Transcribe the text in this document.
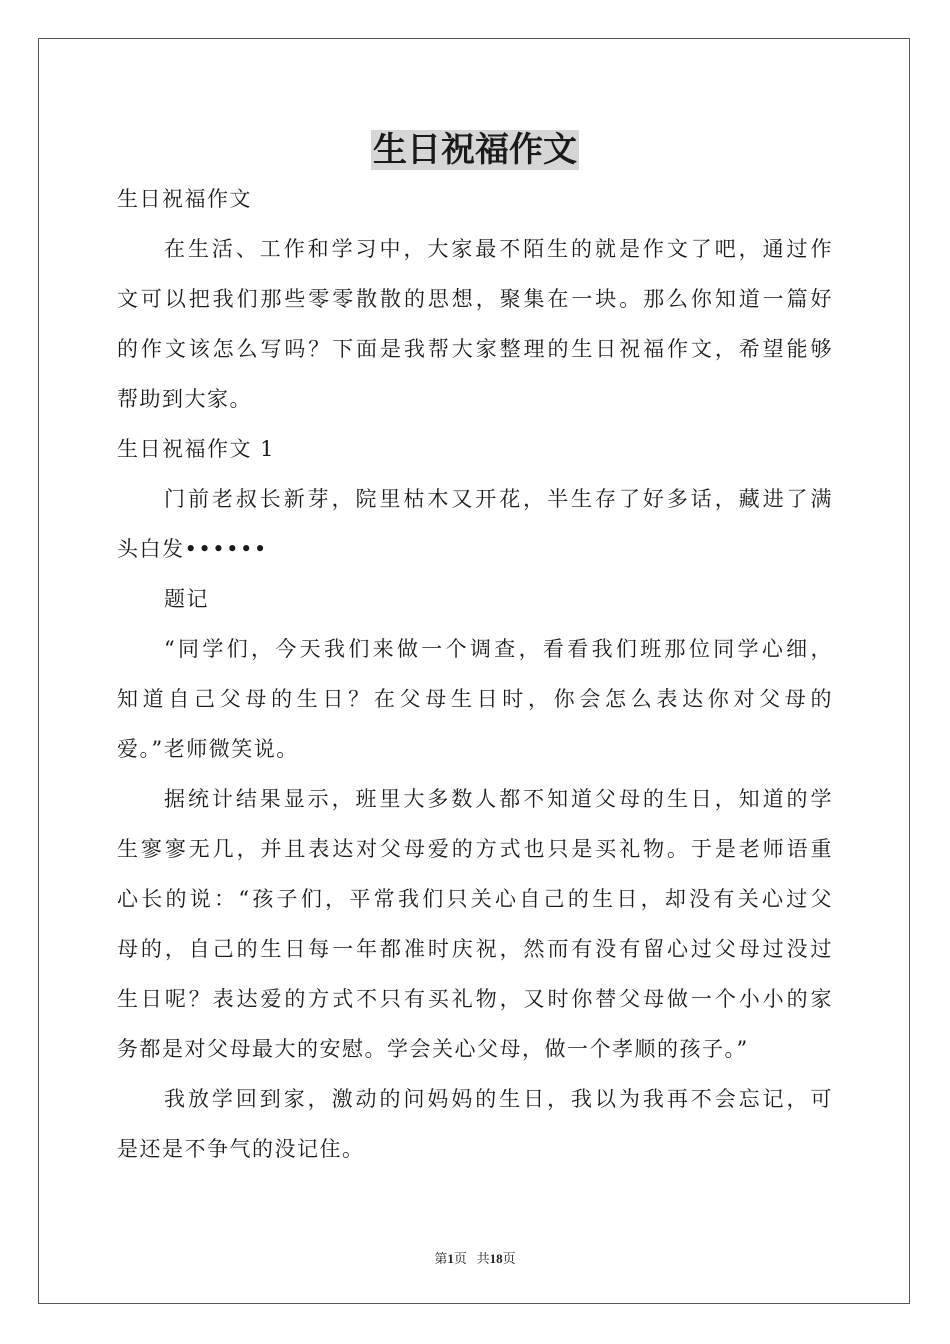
生日祝福作文
生日祝福作文
在生活、工作和学习中，大家最不陌生的就是作文了吧，通过作
文可以把我们那些零零散散的思想，聚集在一块。那么你知道一篇好
的作文该怎么写吗？下面是我帮大家整理的生日祝福作文，希望能够
帮助到大家。
生日祝福作文 1
门前老叔长新芽，院里枯木又开花，半生存了好多话，藏进了满
头白发••••••
题记
“同学们，今天我们来做一个调查，看看我们班那位同学心细，
知道自己父母的生日？在父母生日时，你会怎么表达你对父母的
爱。”老师微笑说。
据统计结果显示，班里大多数人都不知道父母的生日，知道的学
生寥寥无几，并且表达对父母爱的方式也只是买礼物。于是老师语重
心长的说：“孩子们，平常我们只关心自己的生日，却没有关心过父
母的，自己的生日每一年都准时庆祝，然而有没有留心过父母过没过
生日呢？表达爱的方式不只有买礼物，又时你替父母做一个小小的家
务都是对父母最大的安慰。学会关心父母，做一个孝顺的孩子。”
我放学回到家，激动的问妈妈的生日，我以为我再不会忘记，可
是还是不争气的没记住。
第1页 共18页
